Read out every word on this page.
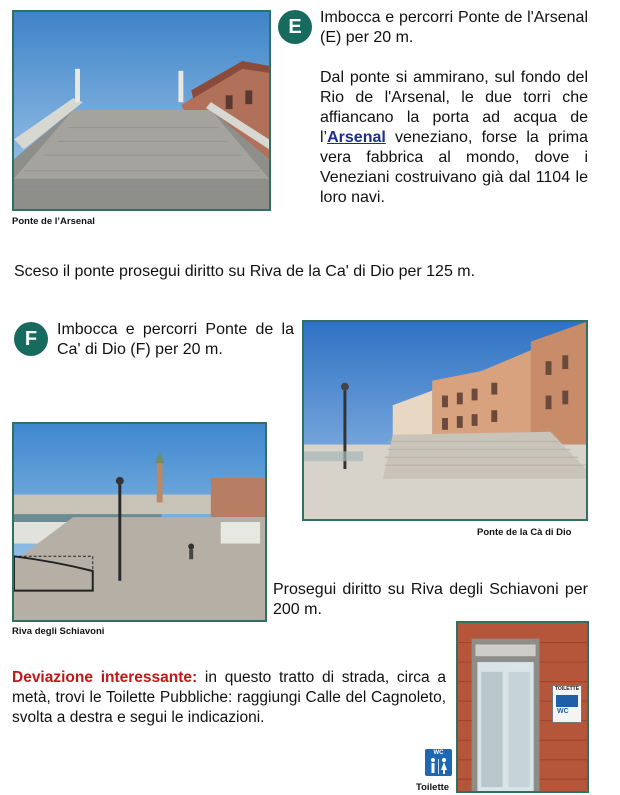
Ponte de l’Arsenal
E	Imbocca e percorri Ponte de l'Arsenal (E) per 20 m.
Dal ponte si ammirano, sul fondo del Rio de l'Arsenal, le due torri che affiancano la porta ad acqua de l’Arsenal veneziano, forse la prima vera fabbrica al mondo, dove i Veneziani costruivano già dal 1104 le loro navi.
Sceso il ponte prosegui diritto su Riva de la Ca' di Dio per 125 m.
F	Imbocca e percorri Ponte de la Ca' di Dio (F) per 20 m.
Ponte de la Cà di Dio
Riva degli Schiavoni
Prosegui diritto su Riva degli Schiavoni per 200 m.
Deviazione interessante: in questo tratto di strada, circa a metà, trovi le Toilette Pubbliche: raggiungi Calle del Cagnoleto, svolta a destra e segui le indicazioni.
TOILETTE
WC
WC
Toilette
